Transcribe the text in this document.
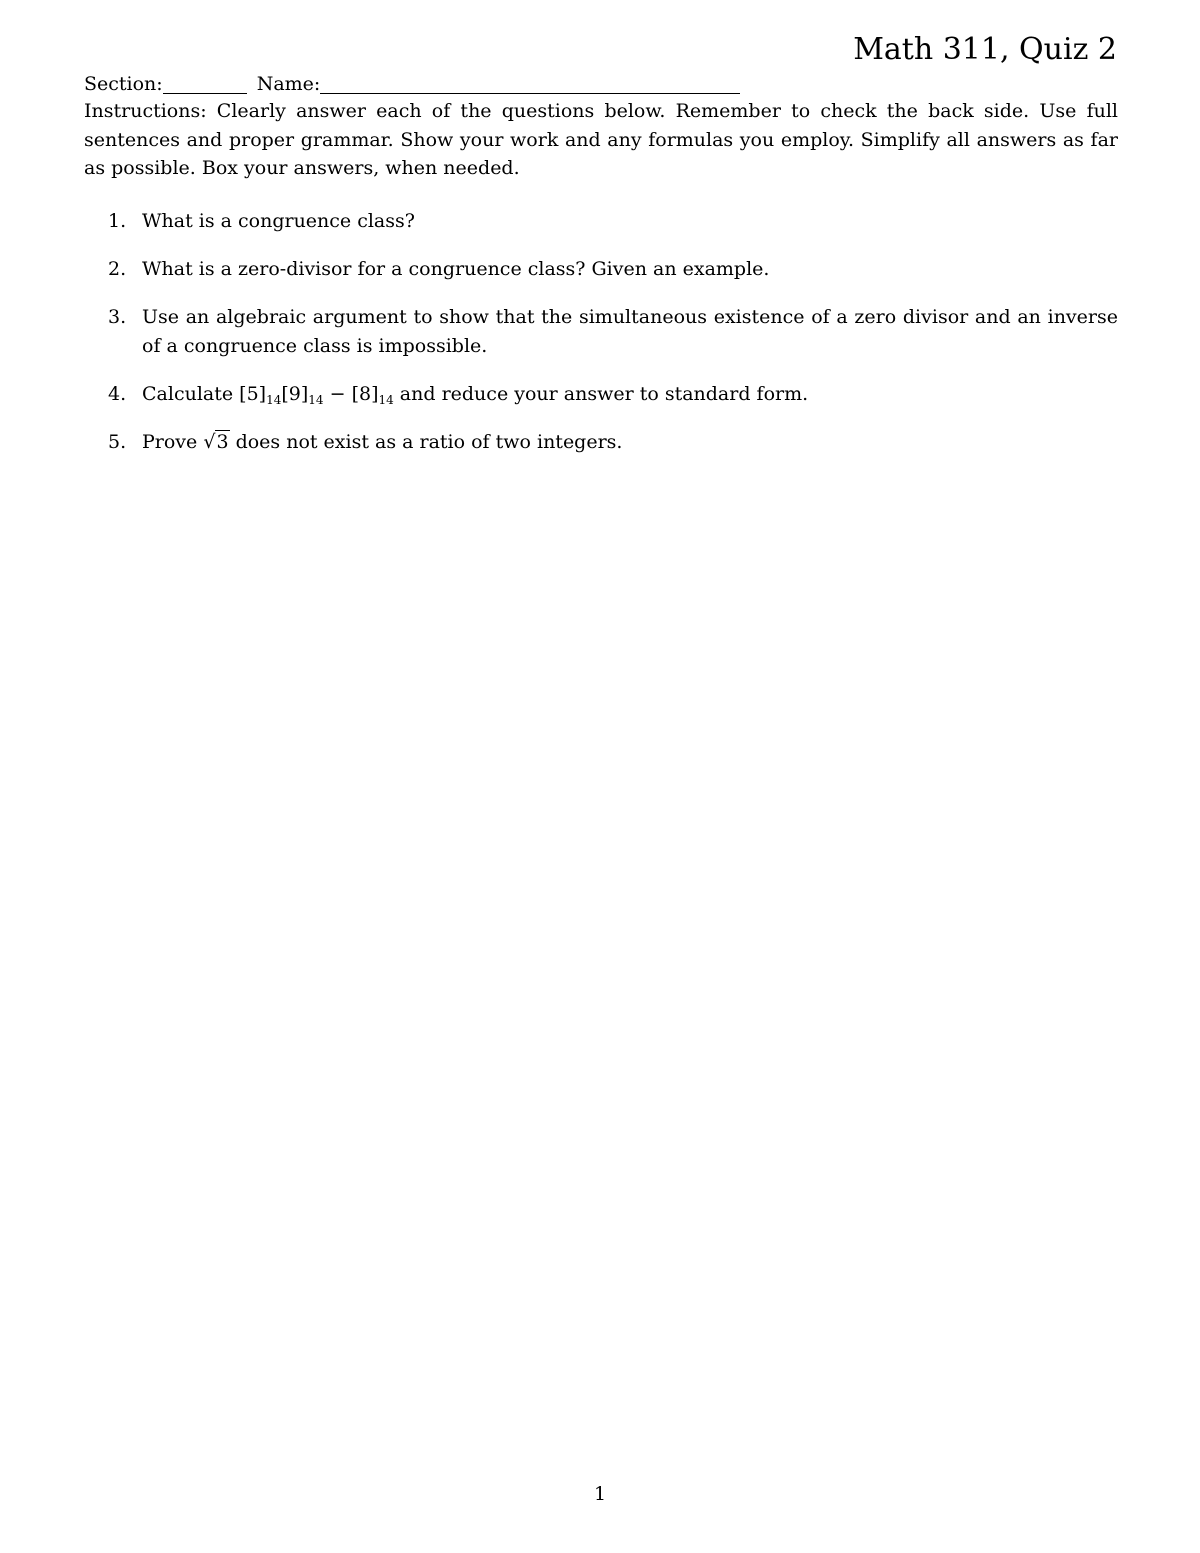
Math 311, Quiz 2
Section:	Name:

Instructions: Clearly answer each of the questions below. Remember to check the back side. Use full sentences and proper grammar. Show your work and any formulas you employ. Simplify all answers as far as possible. Box your answers, when needed.

1. What is a congruence class?
2. What is a zero-divisor for a congruence class? Given an example.
3. Use an algebraic argument to show that the simultaneous existence of a zero divisor and an inverse of a congruence class is impossible.
4. Calculate $[5]_{14}[9]_{14} - [8]_{14}$ and reduce your answer to standard form.
5. Prove √3 does not exist as a ratio of two integers.
1
